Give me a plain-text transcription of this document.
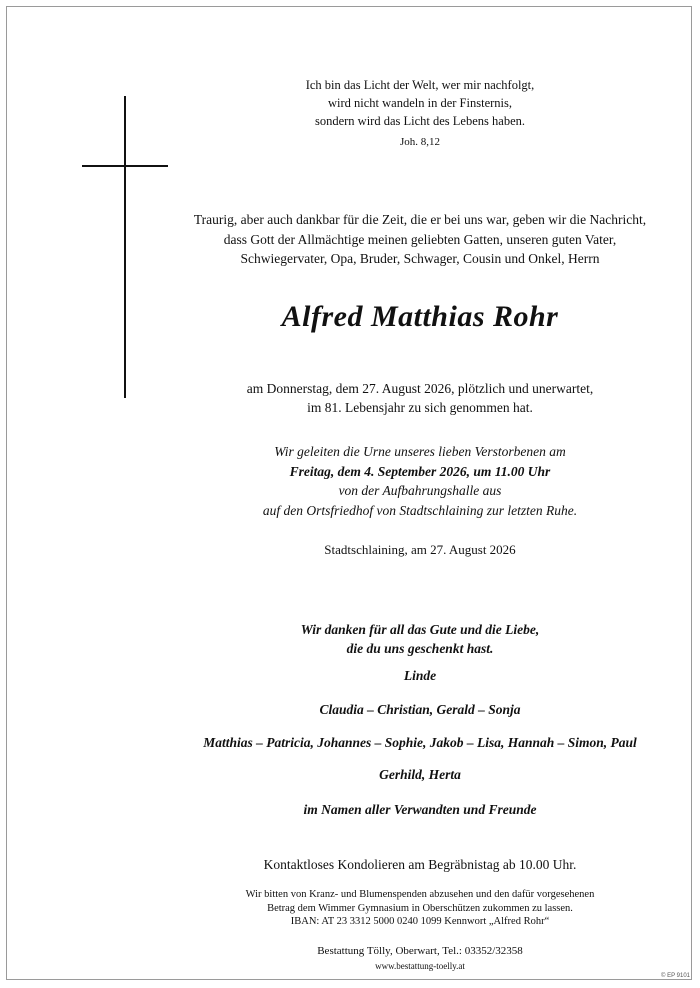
Ich bin das Licht der Welt, wer mir nachfolgt,
wird nicht wandeln in der Finsternis,
sondern wird das Licht des Lebens haben.
Joh. 8,12
Traurig, aber auch dankbar für die Zeit, die er bei uns war, geben wir die Nachricht,
dass Gott der Allmächtige meinen geliebten Gatten, unseren guten Vater,
Schwiegervater, Opa, Bruder, Schwager, Cousin und Onkel, Herrn
Alfred Matthias Rohr
am Donnerstag, dem 27. August 2026, plötzlich und unerwartet,
im 81. Lebensjahr zu sich genommen hat.
Wir geleiten die Urne unseres lieben Verstorbenen am
Freitag, dem 4. September 2026, um 11.00 Uhr
von der Aufbahrungshalle aus
auf den Ortsfriedhof von Stadtschlaining zur letzten Ruhe.
Stadtschlaining, am 27. August 2026
Wir danken für all das Gute und die Liebe,
die du uns geschenkt hast.
Linde
Claudia – Christian, Gerald – Sonja
Matthias – Patricia, Johannes – Sophie, Jakob – Lisa, Hannah – Simon, Paul
Gerhild, Herta
im Namen aller Verwandten und Freunde
Kontaktloses Kondolieren am Begräbnistag ab 10.00 Uhr.
Wir bitten von Kranz- und Blumenspenden abzusehen und den dafür vorgesehenen
Betrag dem Wimmer Gymnasium in Oberschützen zukommen zu lassen.
IBAN: AT 23 3312 5000 0240 1099 Kennwort „Alfred Rohr“
Bestattung Tölly, Oberwart, Tel.: 03352/32358
www.bestattung-toelly.at
© EP 9101
